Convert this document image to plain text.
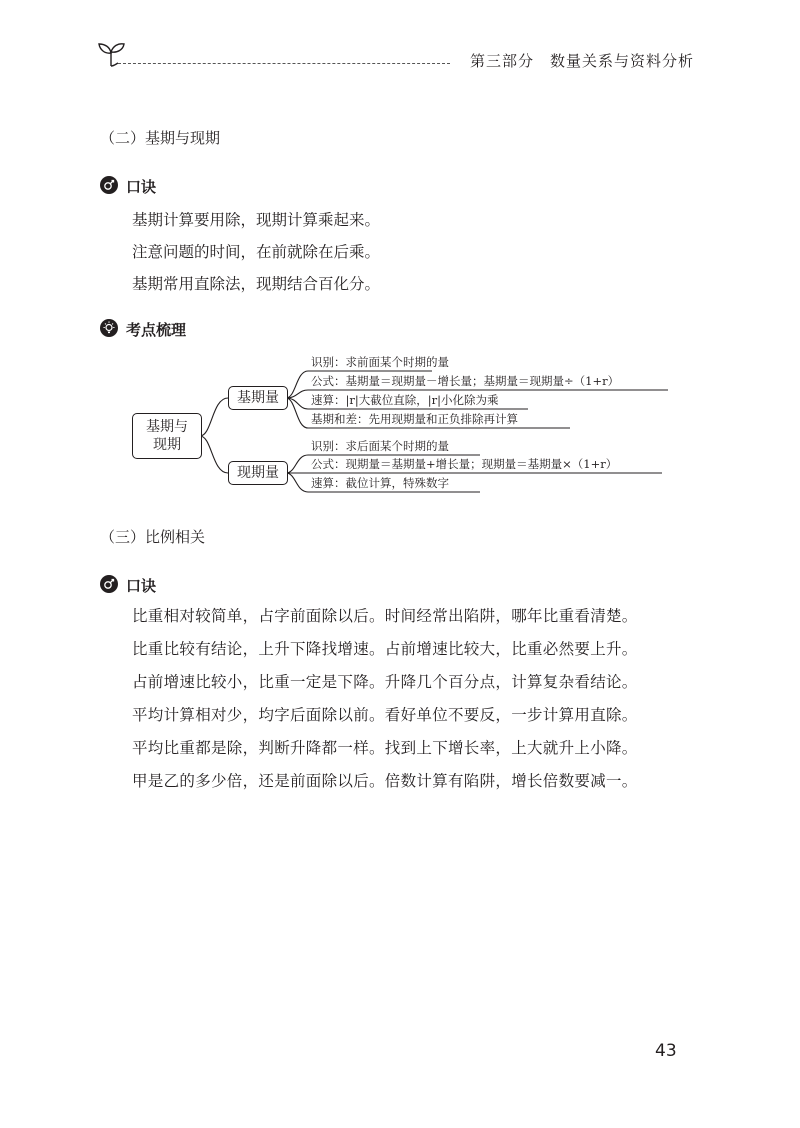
第三部分 数量关系与资料分析
（二）基期与现期
口诀
基期计算要用除，现期计算乘起来。
注意问题的时间，在前就除在后乘。
基期常用直除法，现期结合百化分。
考点梳理
基期与现期
基期量
现期量
识别：求前面某个时期的量
公式：基期量＝现期量－增长量；基期量＝现期量÷（1+r）
速算：|r|大截位直除，|r|小化除为乘
基期和差：先用现期量和正负排除再计算
识别：求后面某个时期的量
公式：现期量＝基期量+增长量；现期量＝基期量×（1+r）
速算：截位计算，特殊数字
（三）比例相关
口诀
比重相对较简单，占字前面除以后。时间经常出陷阱，哪年比重看清楚。
比重比较有结论，上升下降找增速。占前增速比较大，比重必然要上升。
占前增速比较小，比重一定是下降。升降几个百分点，计算复杂看结论。
平均计算相对少，均字后面除以前。看好单位不要反，一步计算用直除。
平均比重都是除，判断升降都一样。找到上下增长率，上大就升上小降。
甲是乙的多少倍，还是前面除以后。倍数计算有陷阱，增长倍数要减一。
43
